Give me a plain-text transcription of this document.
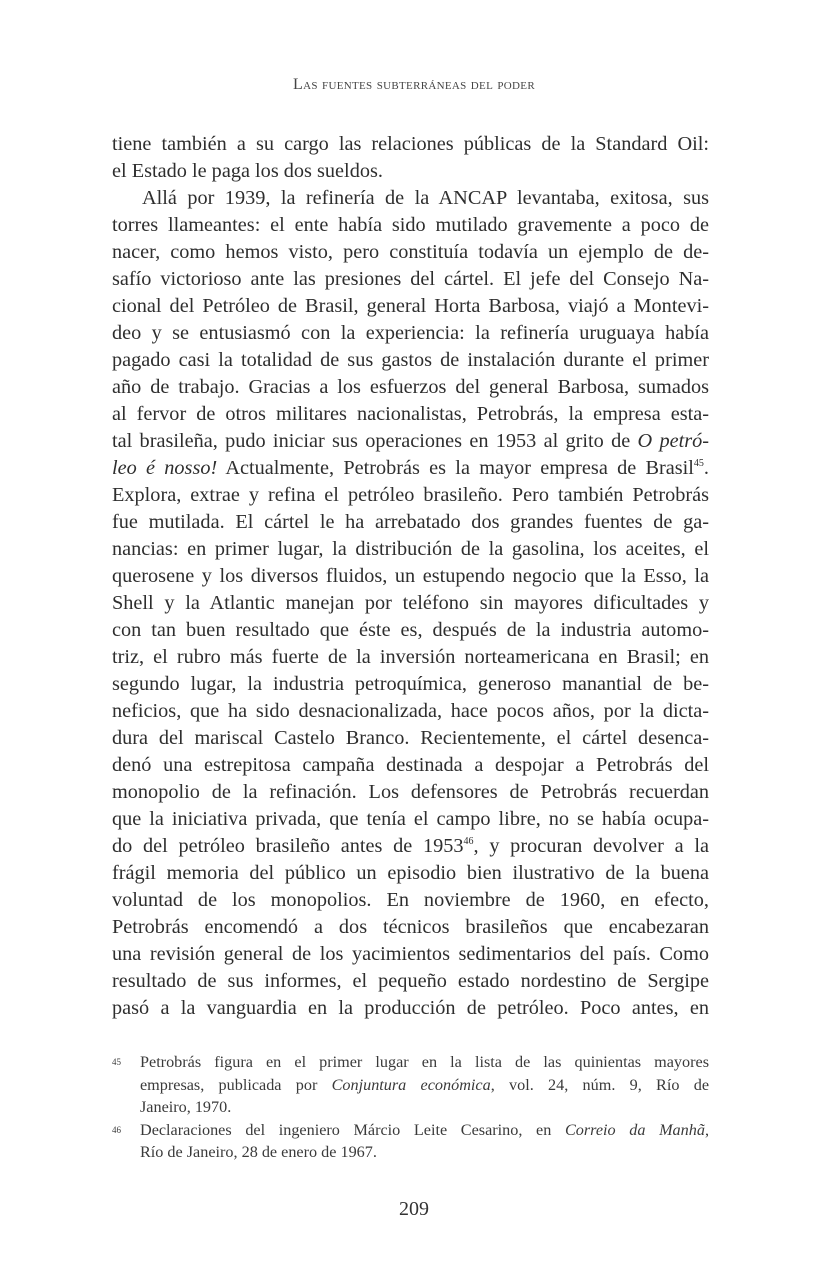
Las fuentes subterráneas del poder
tiene también a su cargo las relaciones públicas de la Standard Oil:
el Estado le paga los dos sueldos.
Allá por 1939, la refinería de la ANCAP levantaba, exitosa, sus
torres llameantes: el ente había sido mutilado gravemente a poco de
nacer, como hemos visto, pero constituía todavía un ejemplo de de-
safío victorioso ante las presiones del cártel. El jefe del Consejo Na-
cional del Petróleo de Brasil, general Horta Barbosa, viajó a Montevi-
deo y se entusiasmó con la experiencia: la refinería uruguaya había
pagado casi la totalidad de sus gastos de instalación durante el primer
año de trabajo. Gracias a los esfuerzos del general Barbosa, sumados
al fervor de otros militares nacionalistas, Petrobrás, la empresa esta-
tal brasileña, pudo iniciar sus operaciones en 1953 al grito de O petró-
leo é nosso! Actualmente, Petrobrás es la mayor empresa de Brasil$^{45}$.
Explora, extrae y refina el petróleo brasileño. Pero también Petrobrás
fue mutilada. El cártel le ha arrebatado dos grandes fuentes de ga-
nancias: en primer lugar, la distribución de la gasolina, los aceites, el
querosene y los diversos fluidos, un estupendo negocio que la Esso, la
Shell y la Atlantic manejan por teléfono sin mayores dificultades y
con tan buen resultado que éste es, después de la industria automo-
triz, el rubro más fuerte de la inversión norteamericana en Brasil; en
segundo lugar, la industria petroquímica, generoso manantial de be-
neficios, que ha sido desnacionalizada, hace pocos años, por la dicta-
dura del mariscal Castelo Branco. Recientemente, el cártel desenca-
denó una estrepitosa campaña destinada a despojar a Petrobrás del
monopolio de la refinación. Los defensores de Petrobrás recuerdan
que la iniciativa privada, que tenía el campo libre, no se había ocupa-
do del petróleo brasileño antes de 1953$^{46}$, y procuran devolver a la
frágil memoria del público un episodio bien ilustrativo de la buena
voluntad de los monopolios. En noviembre de 1960, en efecto,
Petrobrás encomendó a dos técnicos brasileños que encabezaran
una revisión general de los yacimientos sedimentarios del país. Como
resultado de sus informes, el pequeño estado nordestino de Sergipe
pasó a la vanguardia en la producción de petróleo. Poco antes, en
45 Petrobrás figura en el primer lugar en la lista de las quinientas mayores
empresas, publicada por Conjuntura económica, vol. 24, núm. 9, Río de
Janeiro, 1970.
46 Declaraciones del ingeniero Márcio Leite Cesarino, en Correio da Manhã,
Río de Janeiro, 28 de enero de 1967.
209
